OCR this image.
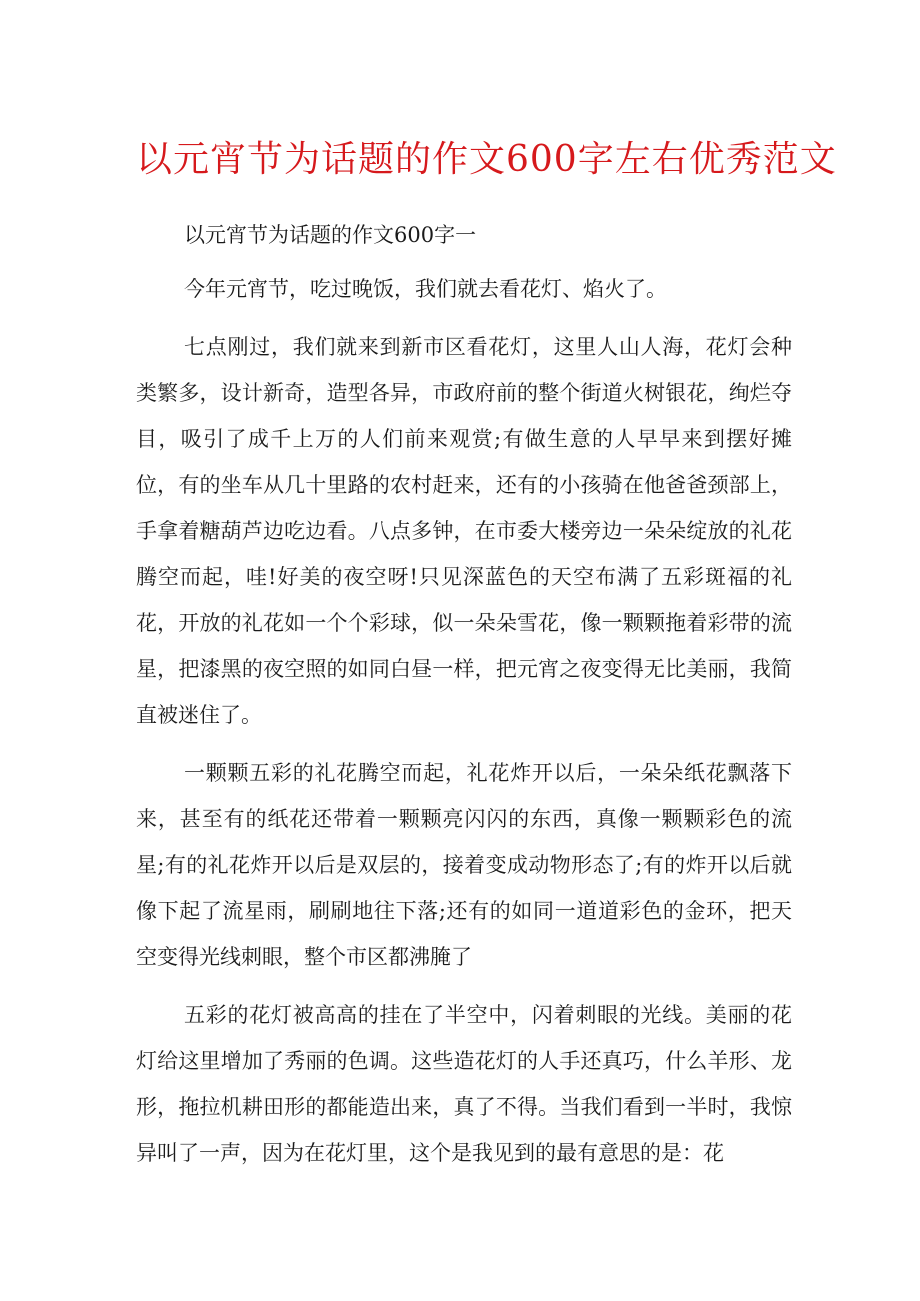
以元宵节为话题的作文600字左右优秀范文

以元宵节为话题的作文600字一

今年元宵节，吃过晚饭，我们就去看花灯、焰火了。

七点刚过，我们就来到新市区看花灯，这里人山人海，花灯会种类繁多，设计新奇，造型各异，市政府前的整个街道火树银花，绚烂夺目，吸引了成千上万的人们前来观赏;有做生意的人早早来到摆好摊位，有的坐车从几十里路的农村赶来，还有的小孩骑在他爸爸颈部上，手拿着糖葫芦边吃边看。八点多钟，在市委大楼旁边一朵朵绽放的礼花腾空而起，哇!好美的夜空呀!只见深蓝色的天空布满了五彩斑福的礼花，开放的礼花如一个个彩球，似一朵朵雪花，像一颗颗拖着彩带的流星，把漆黑的夜空照的如同白昼一样，把元宵之夜变得无比美丽，我简直被迷住了。

一颗颗五彩的礼花腾空而起，礼花炸开以后，一朵朵纸花飘落下来，甚至有的纸花还带着一颗颗亮闪闪的东西，真像一颗颗彩色的流星;有的礼花炸开以后是双层的，接着变成动物形态了;有的炸开以后就像下起了流星雨，刷刷地往下落;还有的如同一道道彩色的金环，把天空变得光线刺眼，整个市区都沸腌了

五彩的花灯被高高的挂在了半空中，闪着刺眼的光线。美丽的花灯给这里增加了秀丽的色调。这些造花灯的人手还真巧，什么羊形、龙形，拖拉机耕田形的都能造出来，真了不得。当我们看到一半时，我惊异叫了一声，因为在花灯里，这个是我见到的最有意思的是：花
